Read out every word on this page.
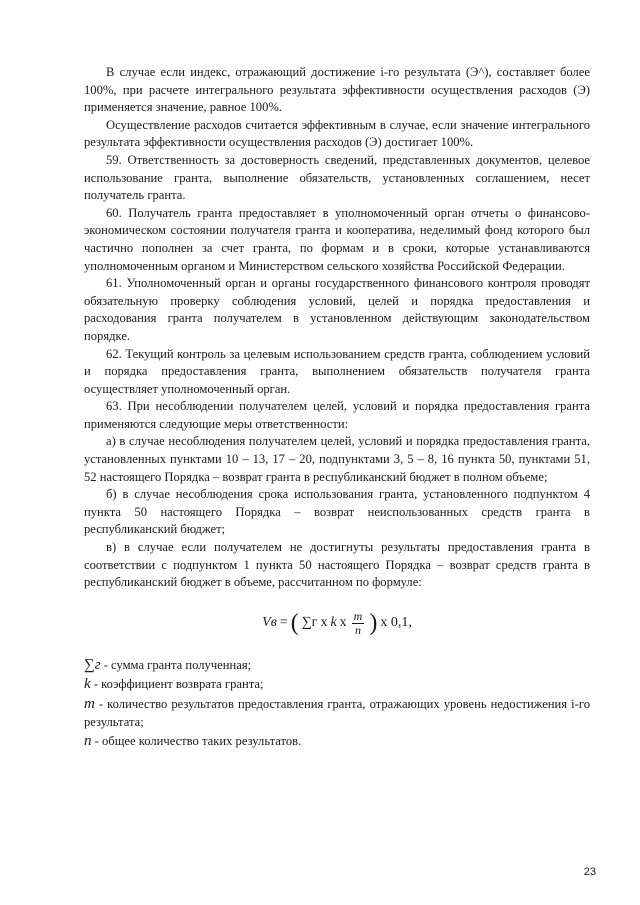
В случае если индекс, отражающий достижение i-го результата (Э^), составляет более 100%, при расчете интегрального результата эффективности осуществления расходов (Э) применяется значение, равное 100%.

Осуществление расходов считается эффективным в случае, если значение интегрального результата эффективности осуществления расходов (Э) достигает 100%.

59. Ответственность за достоверность сведений, представленных документов, целевое использование гранта, выполнение обязательств, установленных соглашением, несет получатель гранта.

60. Получатель гранта предоставляет в уполномоченный орган отчеты о финансово-экономическом состоянии получателя гранта и кооператива, неделимый фонд которого был частично пополнен за счет гранта, по формам и в сроки, которые устанавливаются уполномоченным органом и Министерством сельского хозяйства Российской Федерации.

61. Уполномоченный орган и органы государственного финансового контроля проводят обязательную проверку соблюдения условий, целей и порядка предоставления и расходования гранта получателем в установленном действующим законодательством порядке.

62. Текущий контроль за целевым использованием средств гранта, соблюдением условий и порядка предоставления гранта, выполнением обязательств получателя гранта осуществляет уполномоченный орган.

63. При несоблюдении получателем целей, условий и порядка предоставления гранта применяются следующие меры ответственности:

а) в случае несоблюдения получателем целей, условий и порядка предоставления гранта, установленных пунктами 10 – 13, 17 – 20, подпунктами 3, 5 – 8, 16 пункта 50, пунктами 51, 52 настоящего Порядка – возврат гранта в республиканский бюджет в полном объеме;

б) в случае несоблюдения срока использования гранта, установленного подпунктом 4 пункта 50 настоящего Порядка – возврат неиспользованных средств гранта в республиканский бюджет;

в) в случае если получателем не достигнуты результаты предоставления гранта в соответствии с подпунктом 1 пункта 50 настоящего Порядка – возврат средств гранта в республиканский бюджет в объеме, рассчитанном по формуле:

Vв = ( ∑г x k x $\frac{m}{n}$ ) x 0,1,
∑г - сумма гранта полученная;
k - коэффициент возврата гранта;
m - количество результатов предоставления гранта, отражающих уровень недостижения i-го результата;
n - общее количество таких результатов.
23
